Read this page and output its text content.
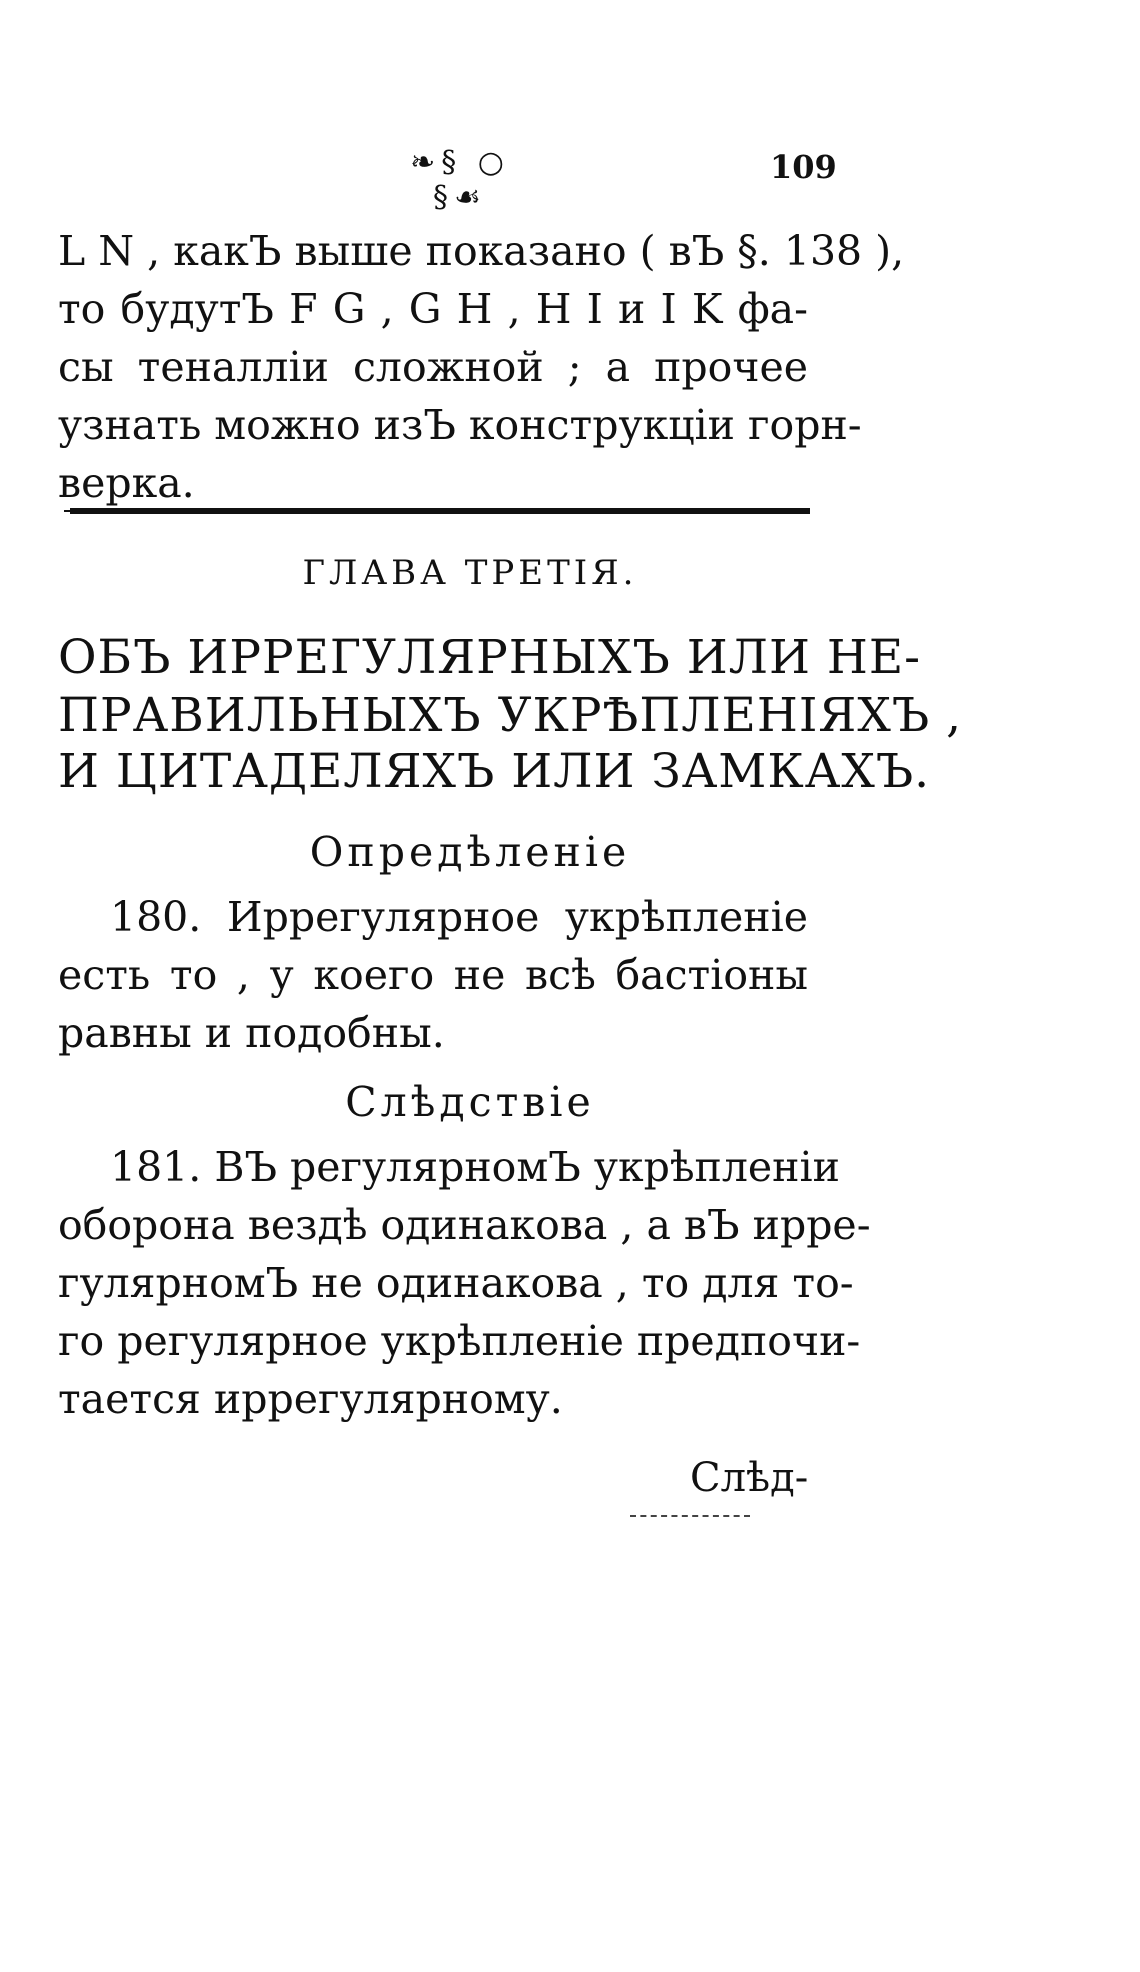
❧§ ○ §☙
109
L N , какЪ выше показано ( вЪ §. 138 ),
то будутЪ F G , G H , H I и I K фа-
сы теналлiи сложной ; а прочее
узнать можно изЪ конструкцiи горн-
верка.
ГЛАВА ТРЕТIЯ.
ОБЪ ИРРЕГУЛЯРНЫХЪ ИЛИ НЕ-
ПРАВИЛЬНЫХЪ УКРѢПЛЕНIЯХЪ ,
И ЦИТАДЕЛЯХЪ ИЛИ ЗАМКАХЪ.
Опредѣленiе
180. Иррегулярное укрѣпленiе
есть то , у коего не всѣ бастiоны
равны и подобны.
Слѣдствiе
181. ВЪ регулярномЪ укрѣпленiи
оборона вездѣ одинакова , а вЪ ирре-
гулярномЪ не одинакова , то для то-
го регулярное укрѣпленiе предпочи-
тается иррегулярному.
Слѣд-
